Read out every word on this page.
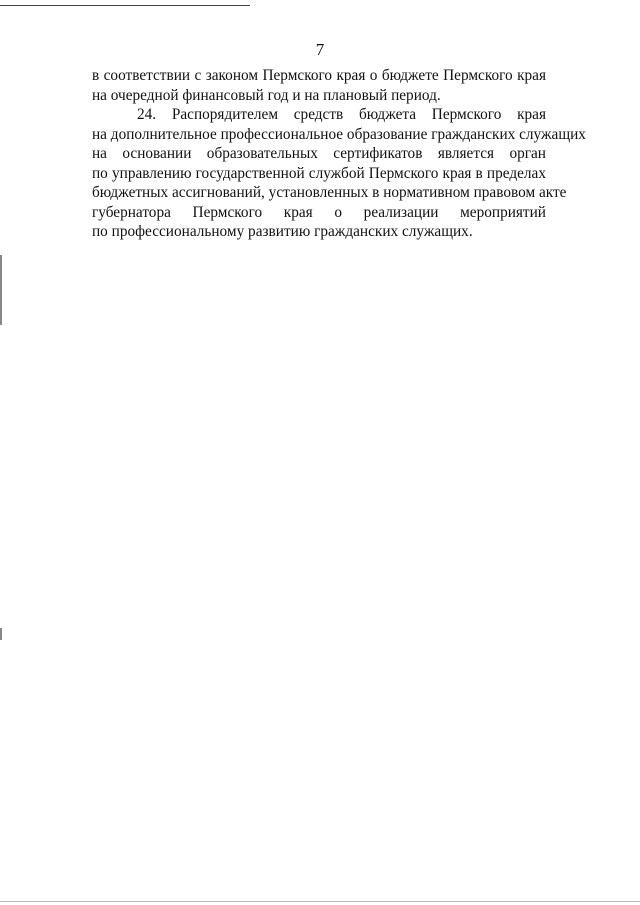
7
в соответствии с законом Пермского края о бюджете Пермского края
на очередной финансовый год и на плановый период.
24. Распорядителем средств бюджета Пермского края
на дополнительное профессиональное образование гражданских служащих
на основании образовательных сертификатов является орган
по управлению государственной службой Пермского края в пределах
бюджетных ассигнований, установленных в нормативном правовом акте
губернатора Пермского края о реализации мероприятий
по профессиональному развитию гражданских служащих.
